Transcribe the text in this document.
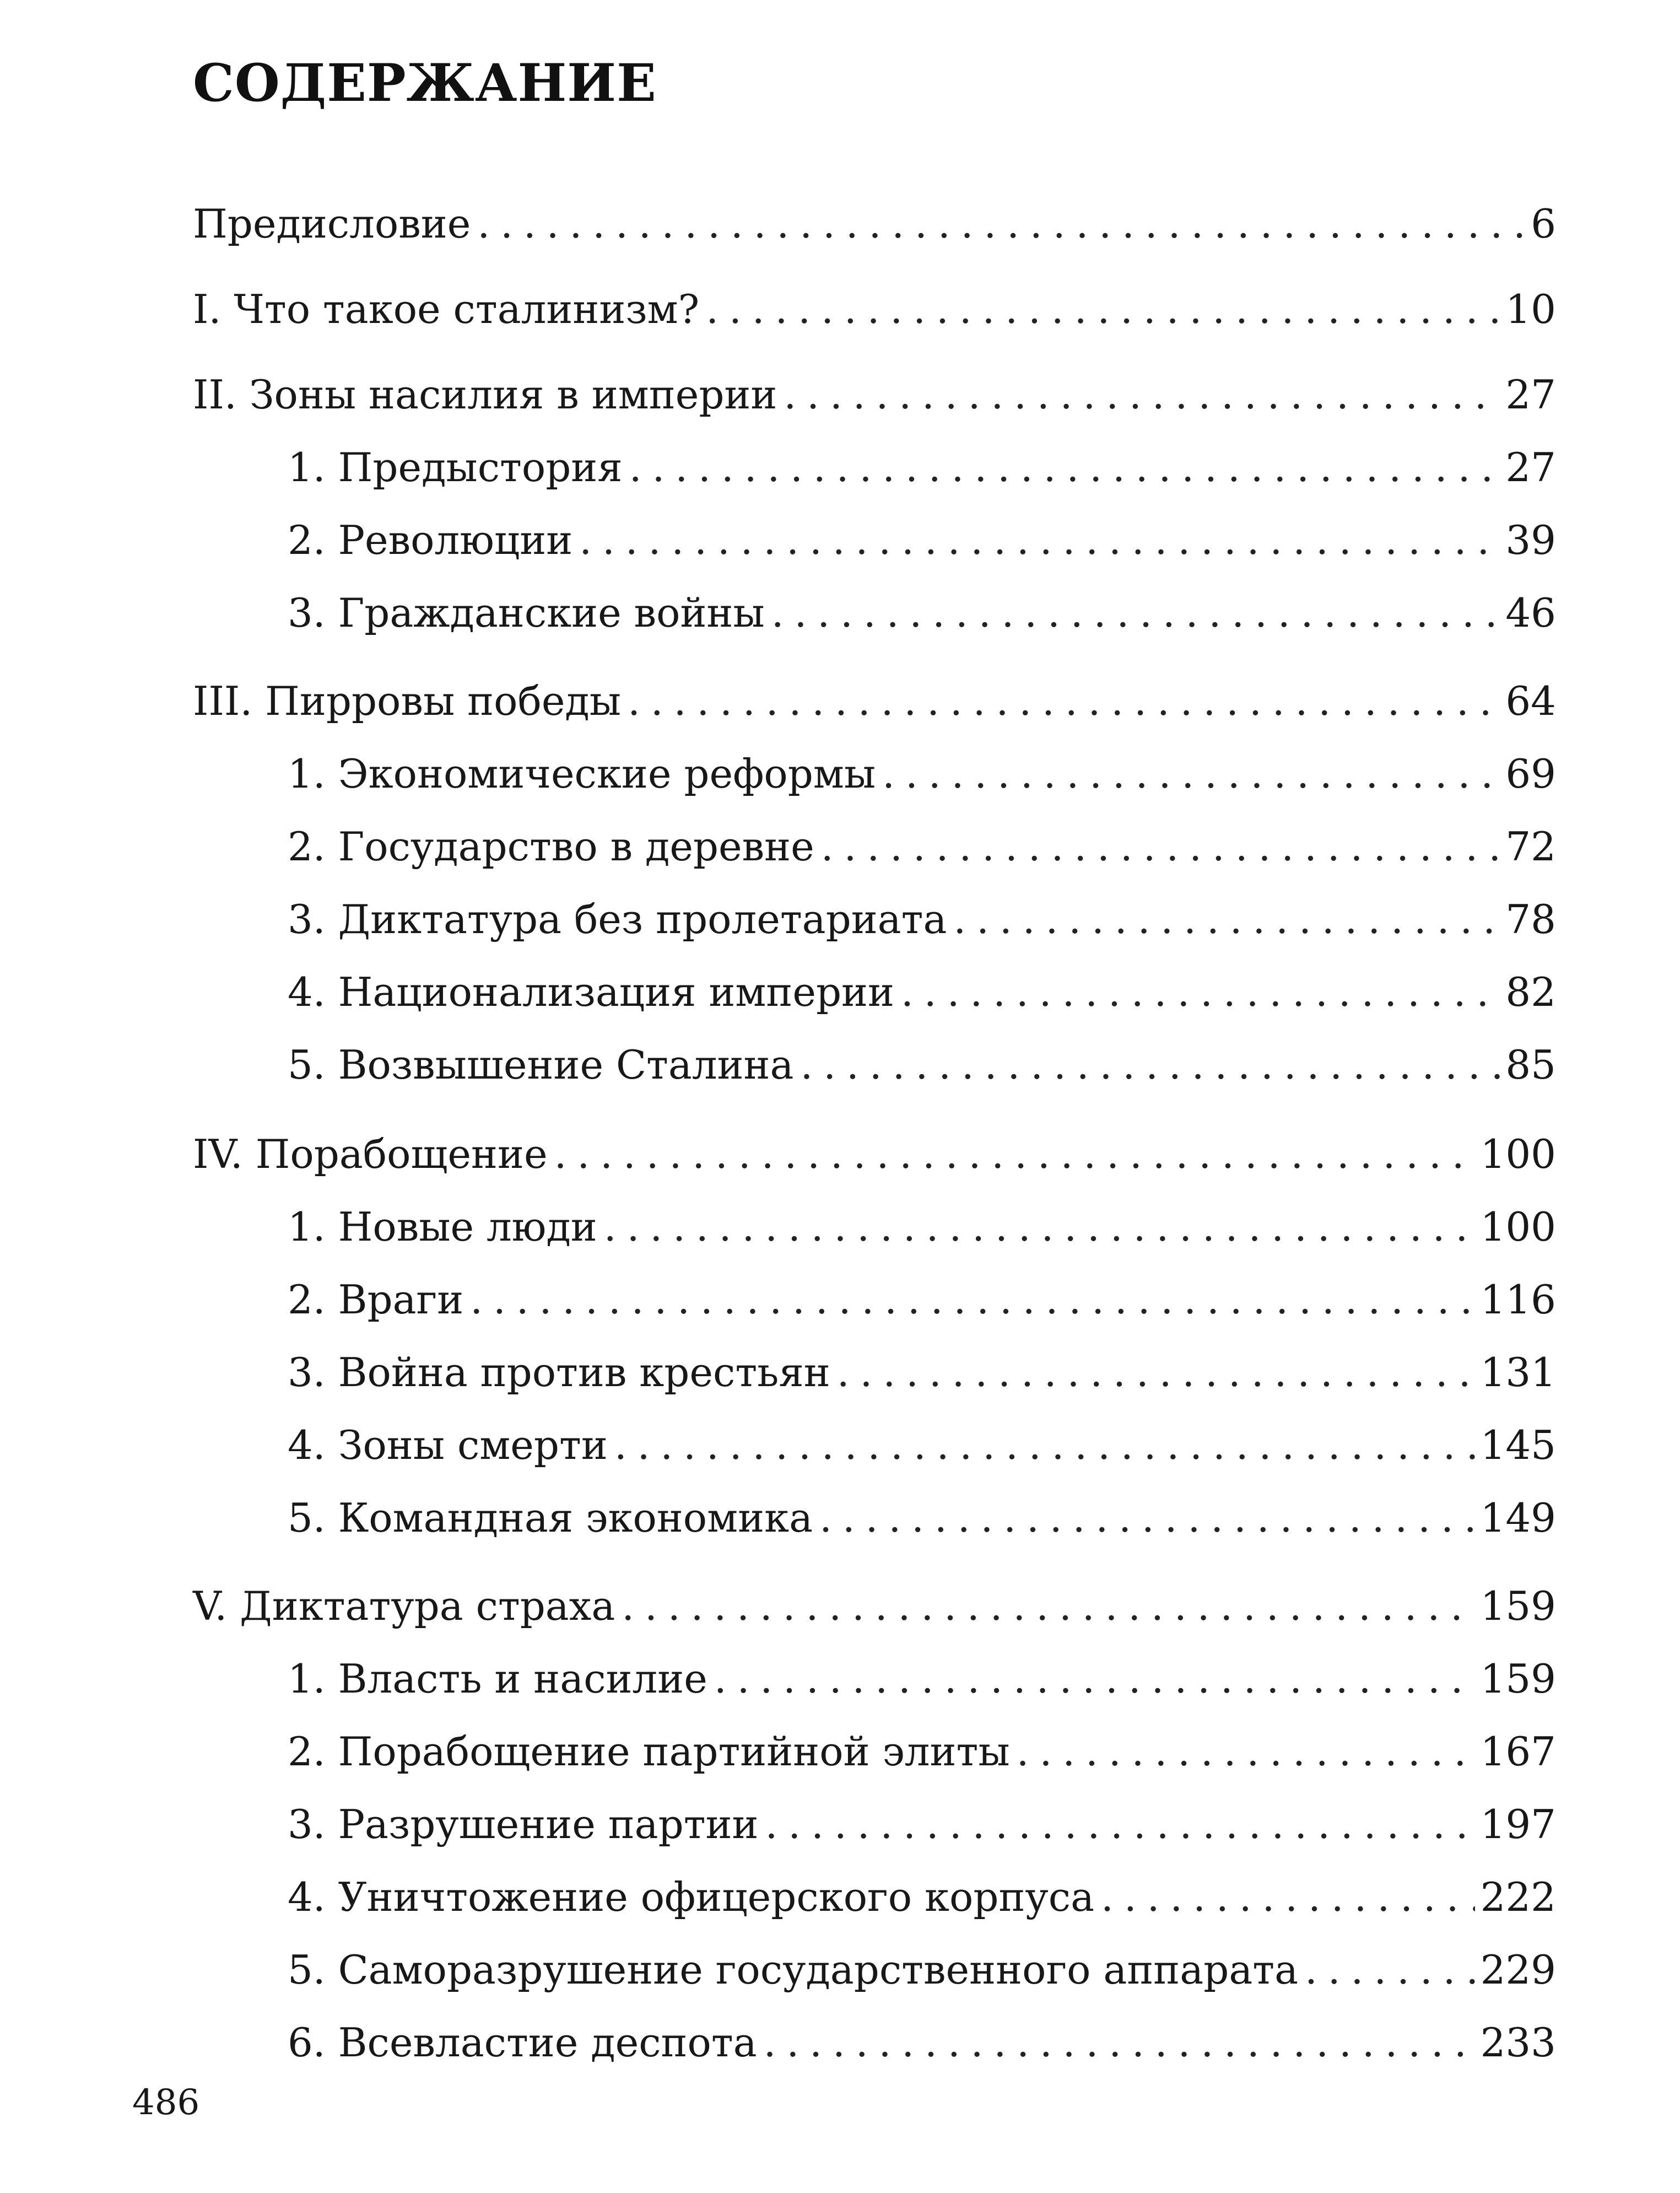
СОДЕРЖАНИЕ
Предисловие . . .	6
I. Что такое сталинизм? . . .	10
II. Зоны насилия в империи . . .	27
1. Предыстория . . .	27
2. Революции . . .	39
3. Гражданские войны . . .	46
III. Пирровы победы . . .	64
1. Экономические реформы . . .	69
2. Государство в деревне . . .	72
3. Диктатура без пролетариата . . .	78
4. Национализация империи . . .	82
5. Возвышение Сталина . . .	85
IV. Порабощение . . .	100
1. Новые люди . . .	100
2. Враги . . .	116
3. Война против крестьян . . .	131
4. Зоны смерти . . .	145
5. Командная экономика . . .	149
V. Диктатура страха . . .	159
1. Власть и насилие . . .	159
2. Порабощение партийной элиты . . .	167
3. Разрушение партии . . .	197
4. Уничтожение офицерского корпуса . . .	222
5. Саморазрушение государственного аппарата . . .	229
6. Всевластие деспота . . .	233
486
